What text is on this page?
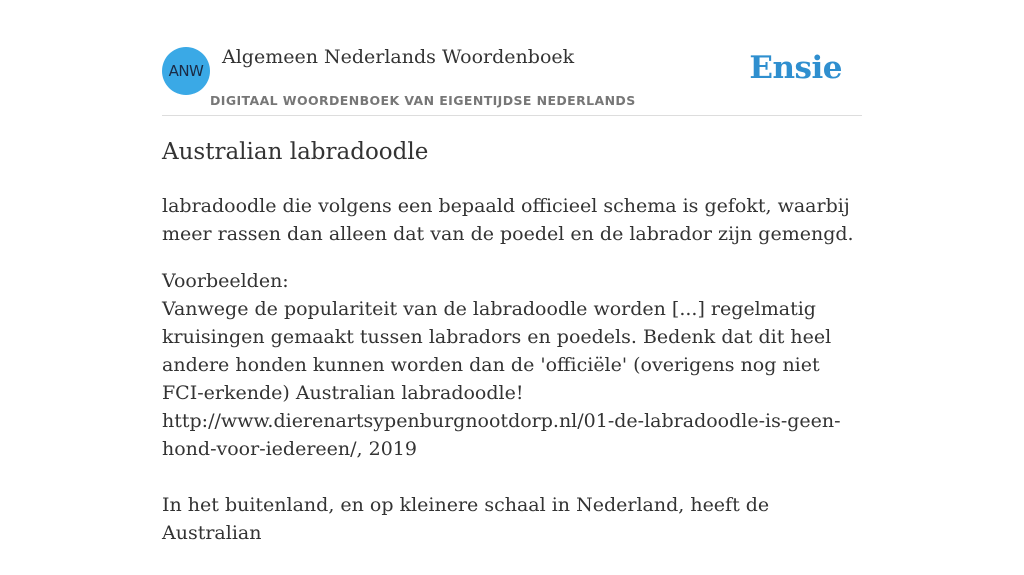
ANW
Algemeen Nederlands Woordenboek
DIGITAAL WOORDENBOEK VAN EIGENTIJDSE NEDERLANDS
Ensie
Australian labradoodle
labradoodle die volgens een bepaald officieel schema is gefokt, waarbij meer rassen dan alleen dat van de poedel en de labrador zijn gemengd.

Voorbeelden:

Vanwege de populariteit van de labradoodle worden [...] regelmatig kruisingen gemaakt tussen labradors en poedels. Bedenk dat dit heel andere honden kunnen worden dan de 'officiële' (overigens nog niet FCI-erkende) Australian labradoodle!

http://www.dierenartsypenburgnootdorp.nl/01-de-labradoodle-is-geen-hond-voor-iedereen/, 2019

In het buitenland, en op kleinere schaal in Nederland, heeft de Australian
